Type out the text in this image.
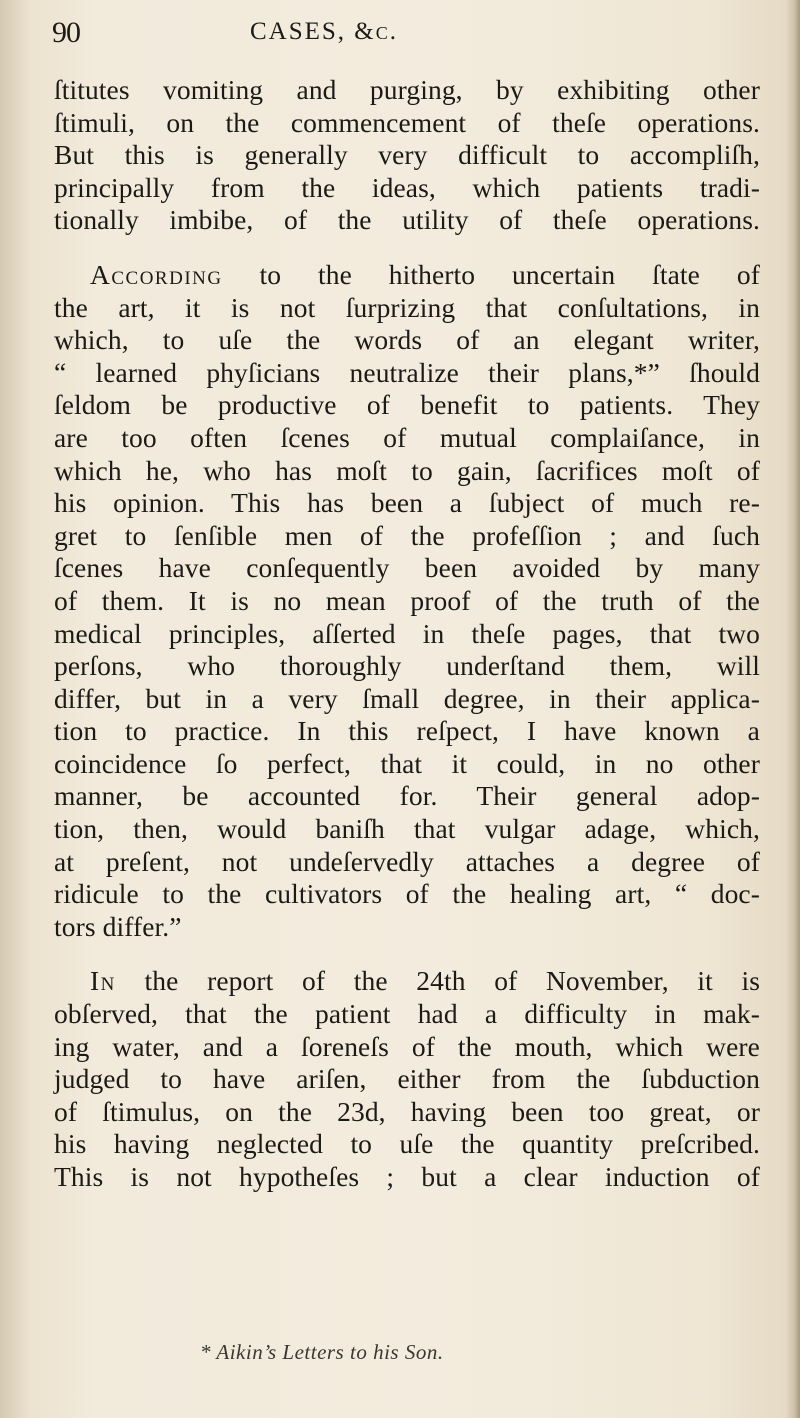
90	CASES, &c.
ſtitutes vomiting and purging, by exhibiting other
ſtimuli, on the commencement of theſe operations.
But this is generally very difficult to accompliſh,
principally from the ideas, which patients tradi-
tionally imbibe, of the utility of theſe operations.
According to the hitherto uncertain ſtate of
the art, it is not ſurprizing that conſultations, in
which, to uſe the words of an elegant writer,
“ learned phyſicians neutralize their plans,*” ſhould
ſeldom be productive of benefit to patients. They
are too often ſcenes of mutual complaiſance, in
which he, who has moſt to gain, ſacrifices moſt of
his opinion. This has been a ſubject of much re-
gret to ſenſible men of the profeſſion ; and ſuch
ſcenes have conſequently been avoided by many
of them. It is no mean proof of the truth of the
medical principles, aſſerted in theſe pages, that two
perſons, who thoroughly underſtand them, will
differ, but in a very ſmall degree, in their applica-
tion to practice. In this reſpect, I have known a
coincidence ſo perfect, that it could, in no other
manner, be accounted for. Their general adop-
tion, then, would baniſh that vulgar adage, which,
at preſent, not undeſervedly attaches a degree of
ridicule to the cultivators of the healing art, “ doc-
tors differ.”
In the report of the 24th of November, it is
obſerved, that the patient had a difficulty in mak-
ing water, and a ſoreneſs of the mouth, which were
judged to have ariſen, either from the ſubduction
of ſtimulus, on the 23d, having been too great, or
his having neglected to uſe the quantity preſcribed.
This is not hypotheſes ; but a clear induction of
* Aikin’s Letters to his Son.
